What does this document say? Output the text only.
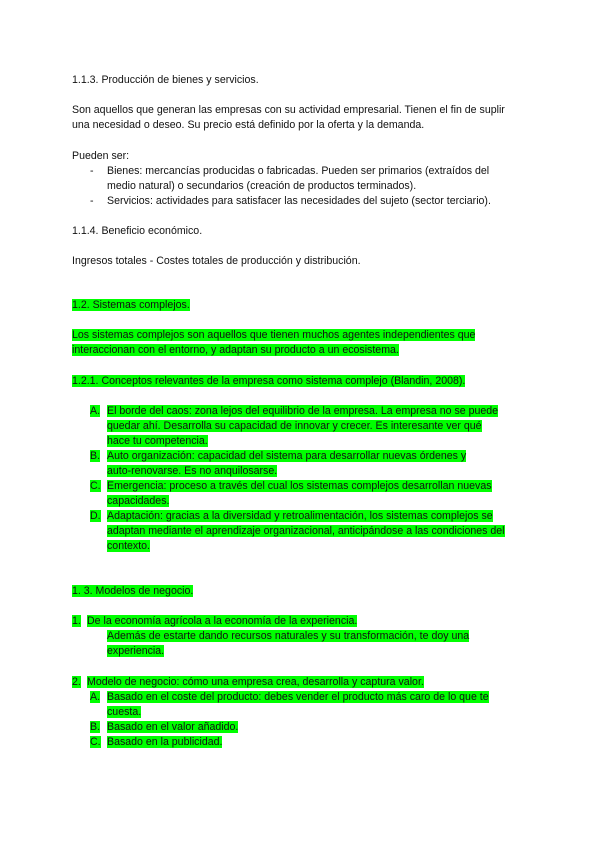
1.1.3. Producción de bienes y servicios.
Son aquellos que generan las empresas con su actividad empresarial. Tienen el fin de suplir
una necesidad o deseo. Su precio está definido por la oferta y la demanda.
Pueden ser:
- Bienes: mercancías producidas o fabricadas. Pueden ser primarios (extraídos del
medio natural) o secundarios (creación de productos terminados).
- Servicios: actividades para satisfacer las necesidades del sujeto (sector terciario).
1.1.4. Beneficio económico.
Ingresos totales - Costes totales de producción y distribución.
1.2. Sistemas complejos.
Los sistemas complejos son aquellos que tienen muchos agentes independientes que
interaccionan con el entorno, y adaptan su producto a un ecosistema.
1.2.1. Conceptos relevantes de la empresa como sistema complejo (Blandin, 2008).
A. El borde del caos: zona lejos del equilibrio de la empresa. La empresa no se puede
quedar ahí. Desarrolla su capacidad de innovar y crecer. Es interesante ver qué
hace tu competencia.
B. Auto organización: capacidad del sistema para desarrollar nuevas órdenes y
auto-renovarse. Es no anquilosarse.
C. Emergencia: proceso a través del cual los sistemas complejos desarrollan nuevas
capacidades.
D. Adaptación: gracias a la diversidad y retroalimentación, los sistemas complejos se
adaptan mediante el aprendizaje organizacional, anticipándose a las condiciones del
contexto.
1. 3. Modelos de negocio.
1. De la economía agrícola a la economía de la experiencia.
Además de estarte dando recursos naturales y su transformación, te doy una
experiencia.
2. Modelo de negocio: cómo una empresa crea, desarrolla y captura valor.
A. Basado en el coste del producto: debes vender el producto más caro de lo que te
cuesta.
B. Basado en el valor añadido.
C. Basado en la publicidad.
